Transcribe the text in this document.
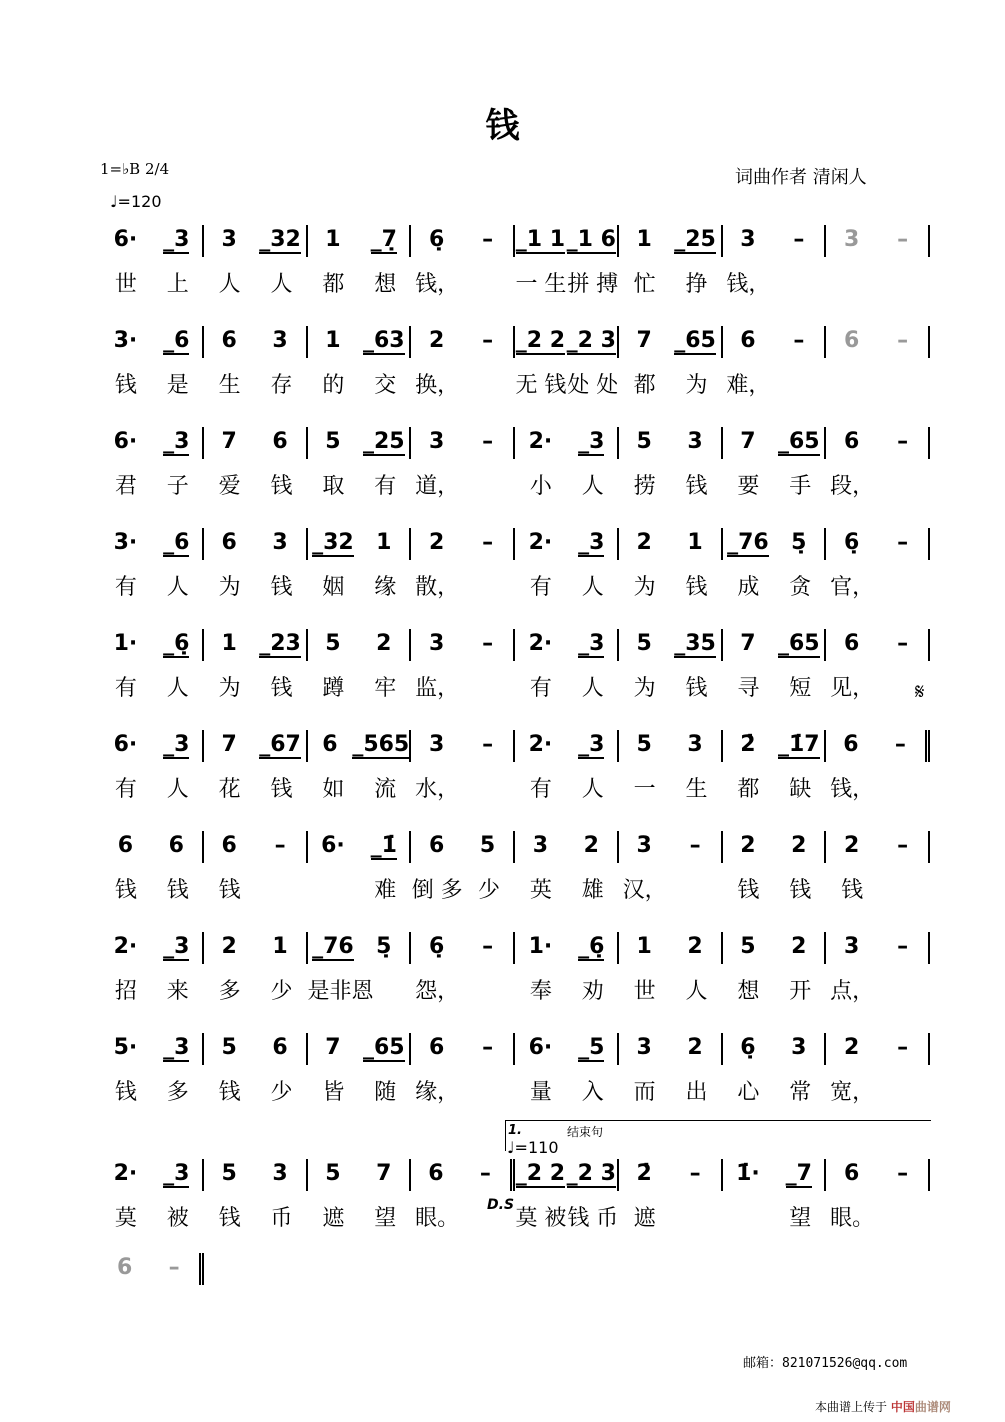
钱
1=♭B 2/4
♩=120
词曲作者 清闲人
6·	_3	3	_32	1	_7̣	6̣	–	_1 1 _1 6 1	_25	3	–	3	–
世	上	人	人	都	想 钱，	一 生 拼 搏 忙	挣 钱，
3·	_6	6	3	1	_63	2	–	_2 2 _2 3 7	_65	6	–	6	–
钱	是	生	存	的	交 换，	无 钱 处 处 都	为 难，
6·	_3	7	6	5	_25	3	–	2·	_3	5	3	7	_65	6	–
君	子	爱	钱	取	有 道，	小	人	捞	钱	要	手 段，
3·	_6	6	3	_32	1	2	–	2·	_3	2	1	_76	5̣	6̣	–
有	人	为	钱	姻	缘 散，	有	人	为	钱	成	贪 官，
1·	_6̣	1	_23	5	2	3	–	2·	_3	5	_35	7	_65	6	–
有	人	为	钱	蹲	牢 监，	有	人	为	钱	寻	短 见，
6·	_3	7	_67 6 _565 3	–	2·	_3	5	3	2̇	_1̇7	6	–
有	人	花	钱	如	流 水，	有	人	一	生	都	缺 钱，
6	6	6	–	6·	_1̇	6	5	3	2	3	–	2	2	2	–
钱	钱	钱	难 倒 多 少	英	雄 汉，	钱	钱	钱
2·	_3	2	1	_76	5̣	6̣	–	1·	_6̣	1	2	5	2	3	–
招	来	多	少 是非恩 怨，	奉	劝	世	人	想	开 点，
5·	_3	5	6	7	_65	6	–	6·	_5	3	2	6̣	3	2	–
钱	多	钱	少	皆	随 缘，	量	入	而	出	心	常 宽，
2·	_3	5	3	5	7	6	–	_2 2 _2 3 2̇	–	1̇·	_7	6	–
莫	被	钱	币	遮	望 眼。	莫 被 钱 币 遮	望 眼。
6	–
𝄋
1.	结束句
♩=110
D.S
邮箱：821071526@qq.com
本曲谱上传于 中国曲谱网
